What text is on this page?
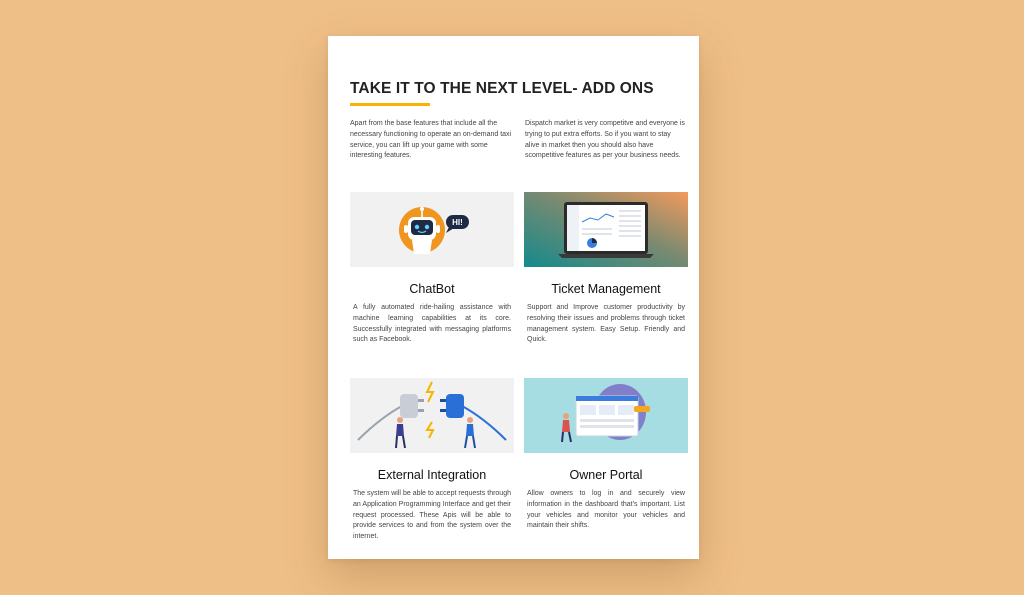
TAKE IT TO THE NEXT LEVEL- ADD ONS

Apart from the base features that include all the necessary functioning to operate an on-demand taxi service, you can lift up your game with some interesting features.

Dispatch market is very competitve and everyone is trying to put extra efforts. So if you want to stay alive in market then you should also have scompetitive features as per your business needs.

HI!
ChatBot

A fully automated ride-hailing assistance with machine learning capabilities at its core. Successfully integrated with messaging platforms such as Facebook.

Ticket Management

Support and Improve customer productivity by resolving their issues and problems through ticket management system. Easy Setup. Friendly and Quick.

External Integration

The system will be able to accept requests through an Application Programming Interface and get their request processed. These Apis will be able to provide services to and from the system over the internet.

Owner Portal

Allow owners to log in and securely view information in the dashboard that's important. List your vehicles and monitor your vehicles and maintain their shifts.
